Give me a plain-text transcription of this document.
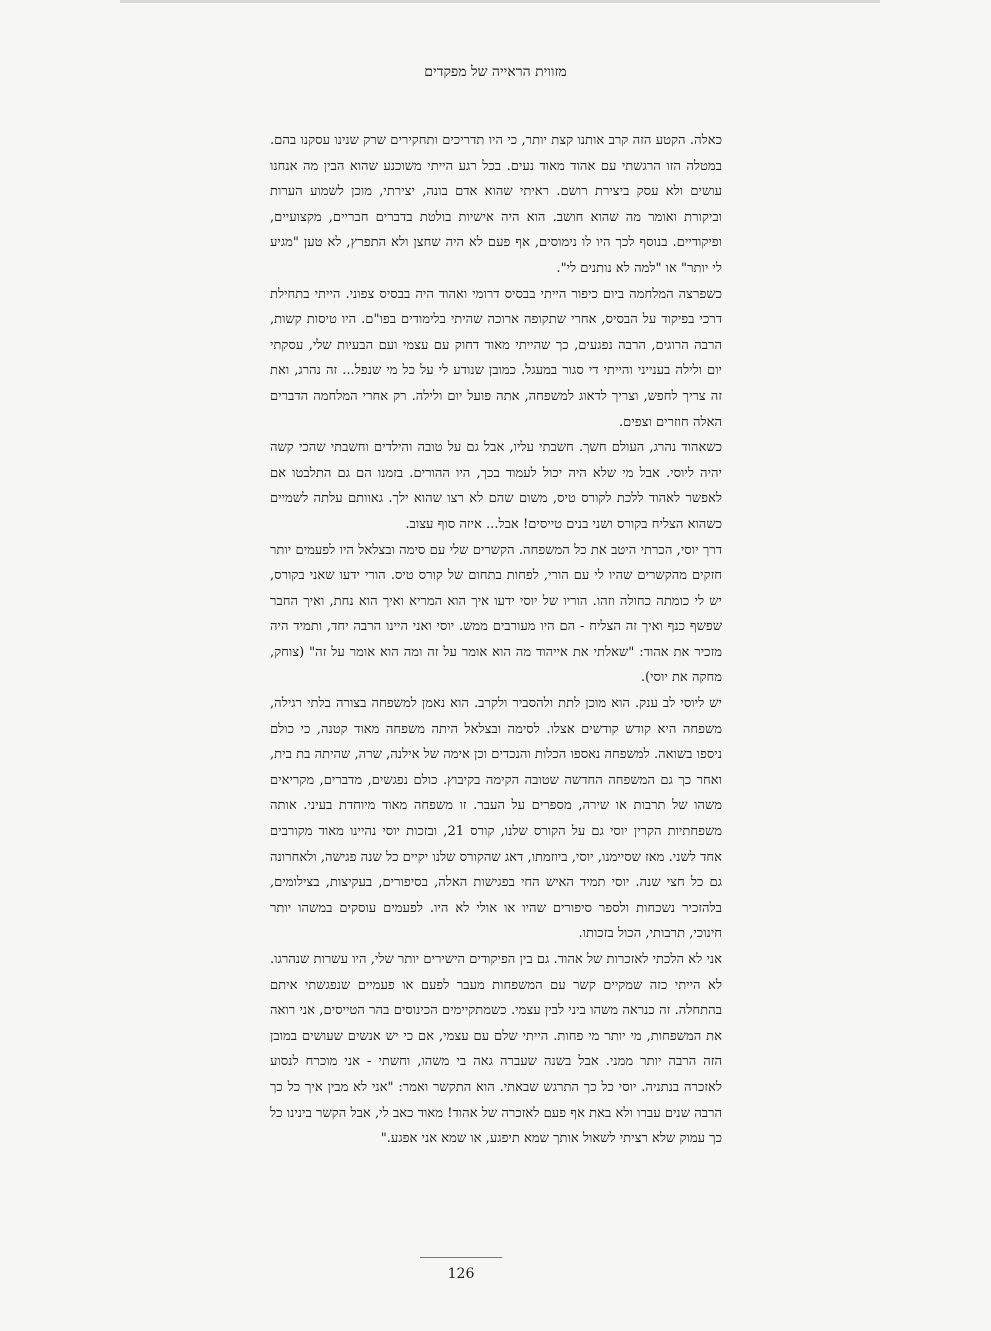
מזווית הראייה של מפקדים

כאלה. הקטע הזה קרב אותנו קצת יותר, כי היו תדריכים ותחקירים שרק שנינו עסקנו בהם. במטלה הזו הרגשתי עם אהוד מאוד נעים. בכל רגע הייתי משוכנע שהוא הבין מה אנחנו עושים ולא עסק ביצירת רושם. ראיתי שהוא אדם בונה, יצירתי, מוכן לשמוע הערות וביקורת ואומר מה שהוא חושב. הוא היה אישיות בולטת בדברים חבריים, מקצועיים, ופיקודיים. בנוסף לכך היו לו נימוסים, אף פעם לא היה שחצן ולא התפרץ, לא טען "מגיע לי יותר" או "למה לא נותנים לי".

כשפרצה המלחמה ביום כיפור הייתי בבסיס דרומי ואהוד היה בבסיס צפוני. הייתי בתחילת דרכי בפיקוד על הבסיס, אחרי שתקופה ארוכה שהיתי בלימודים בפו"ם. היו טיסות קשות, הרבה הרוגים, הרבה נפגעים, כך שהייתי מאוד דחוק עם עצמי ועם הבעיות שלי, עסקתי יום ולילה בענייני והייתי די סגור במעגל. כמובן שנודע לי על כל מי שנפל... זה נהרג, ואת זה צריך לחפש, וצריך לדאוג למשפחה, אתה פועל יום ולילה. רק אחרי המלחמה הדברים האלה חוזרים וצפים.

כשאהוד נהרג, העולם חשך. חשבתי עליו, אבל גם על טובה והילדים וחשבתי שהכי קשה יהיה ליוסי. אבל מי שלא היה יכול לעמוד בכך, היו ההורים. בזמנו הם גם התלבטו אם לאפשר לאהוד ללכת לקורס טיס, משום שהם לא רצו שהוא ילך. גאוותם עלתה לשמיים כשהוא הצליח בקורס ושני בנים טייסים! אבל... איזה סוף עצוב.

דרך יוסי, הכרתי היטב את כל המשפחה. הקשרים שלי עם סימה ובצלאל היו לפעמים יותר חזקים מהקשרים שהיו לי עם הורי, לפחות בתחום של קורס טיס. הורי ידעו שאני בקורס, יש לי כומתה כחולה וזהו. הוריו של יוסי ידעו איך הוא המריא ואיך הוא נחת, ואיך החבר שפשף כנף ואיך זה הצליח - הם היו מעורבים ממש. יוסי ואני היינו הרבה יחד, ותמיד היה מזכיר את אהוד: "שאלתי את אייהוד מה הוא אומר על זה ומה הוא אומר על זה" (צוחק, מחקה את יוסי).

יש ליוסי לב ענק. הוא מוכן לתת ולהסביר ולקרב. הוא נאמן למשפחה בצורה בלתי רגילה, משפחה היא קודש קודשים אצלו. לסימה ובצלאל היתה משפחה מאוד קטנה, כי כולם ניספו בשואה. למשפחה נאספו הכלות והנכדים וכן אימה של אילנה, שרה, שהיתה בת בית, ואחר כך גם המשפחה החדשה שטובה הקימה בקיבוץ. כולם נפגשים, מדברים, מקריאים משהו של תרבות או שירה, מספרים על העבר. זו משפחה מאוד מיוחדת בעיני. אותה משפחתיות הקרין יוסי גם על הקורס שלנו, קורס 21, ובזכות יוסי נהיינו מאוד מקורבים אחד לשני. מאז שסיימנו, יוסי, ביוזמתו, דאג שהקורס שלנו יקיים כל שנה פגישה, ולאחרונה גם כל חצי שנה. יוסי תמיד האיש החי בפגישות האלה, בסיפורים, בעקיצות, בצילומים, בלהזכיר נשכחות ולספר סיפורים שהיו או אולי לא היו. לפעמים עוסקים במשהו יותר חינוכי, תרבותי, הכול בזכותו.

אני לא הלכתי לאזכרות של אהוד. גם בין הפיקודים הישירים יותר שלי, היו עשרות שנהרגו. לא הייתי כזה שמקיים קשר עם המשפחות מעבר לפעם או פעמיים שנפגשתי איתם בהתחלה. זה כנראה משהו ביני לבין עצמי. כשמתקיימים הכינוסים בהר הטייסים, אני רואה את המשפחות, מי יותר מי פחות. הייתי שלם עם עצמי, אם כי יש אנשים שעושים במובן הזה הרבה יותר ממני. אבל בשנה שעברה גאה בי משהו, וחשתי - אני מוכרח לנסוע לאזכרה בנתניה. יוסי כל כך התרגש שבאתי. הוא התקשר ואמר: "אני לא מבין איך כל כך הרבה שנים עברו ולא באת אף פעם לאזכרה של אהוד! מאוד כאב לי, אבל הקשר בינינו כל כך עמוק שלא רציתי לשאול אותך שמא תיפגע, או שמא אני אפגע."

126
